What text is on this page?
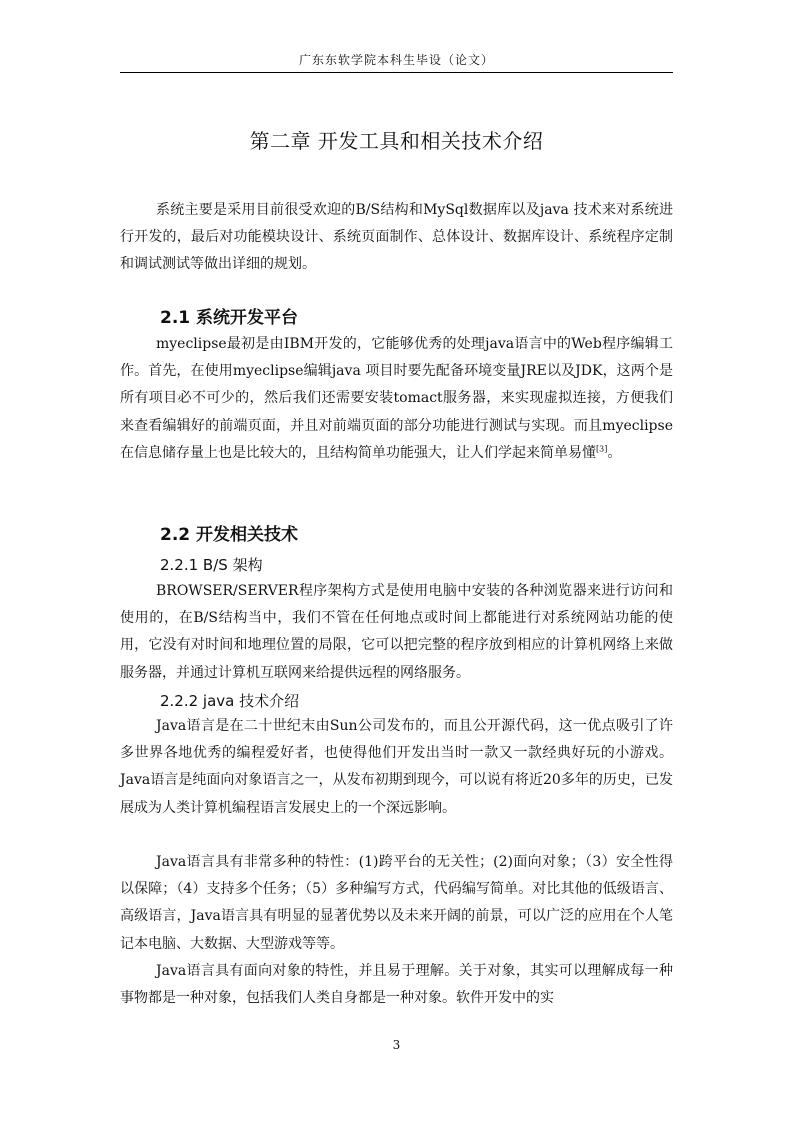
广东东软学院本科生毕设（论文）
第二章 开发工具和相关技术介绍

系统主要是采用目前很受欢迎的B/S结构和MySql数据库以及java 技术来对系统进行开发的，最后对功能模块设计、系统页面制作、总体设计、数据库设计、系统程序定制和调试测试等做出详细的规划。

2.1 系统开发平台

myeclipse最初是由IBM开发的，它能够优秀的处理java语言中的Web程序编辑工作。首先，在使用myeclipse编辑java 项目时要先配备环境变量JRE以及JDK，这两个是所有项目必不可少的，然后我们还需要安装tomact服务器，来实现虚拟连接，方便我们来查看编辑好的前端页面，并且对前端页面的部分功能进行测试与实现。而且myeclipse在信息储存量上也是比较大的，且结构简单功能强大，让人们学起来简单易懂[3]。

2.2 开发相关技术
2.2.1 B/S 架构

BROWSER/SERVER程序架构方式是使用电脑中安装的各种浏览器来进行访问和使用的，在B/S结构当中，我们不管在任何地点或时间上都能进行对系统网站功能的使用，它没有对时间和地理位置的局限，它可以把完整的程序放到相应的计算机网络上来做服务器，并通过计算机互联网来给提供远程的网络服务。

2.2.2 java 技术介绍

Java语言是在二十世纪末由Sun公司发布的，而且公开源代码，这一优点吸引了许多世界各地优秀的编程爱好者，也使得他们开发出当时一款又一款经典好玩的小游戏。Java语言是纯面向对象语言之一，从发布初期到现今，可以说有将近20多年的历史，已发展成为人类计算机编程语言发展史上的一个深远影响。

Java语言具有非常多种的特性：(1)跨平台的无关性；(2)面向对象；（3）安全性得以保障；（4）支持多个任务；（5）多种编写方式，代码编写简单。对比其他的低级语言、高级语言，Java语言具有明显的显著优势以及未来开阔的前景，可以广泛的应用在个人笔记本电脑、大数据、大型游戏等等。

Java语言具有面向对象的特性，并且易于理解。关于对象，其实可以理解成每一种事物都是一种对象，包括我们人类自身都是一种对象。软件开发中的实

3
